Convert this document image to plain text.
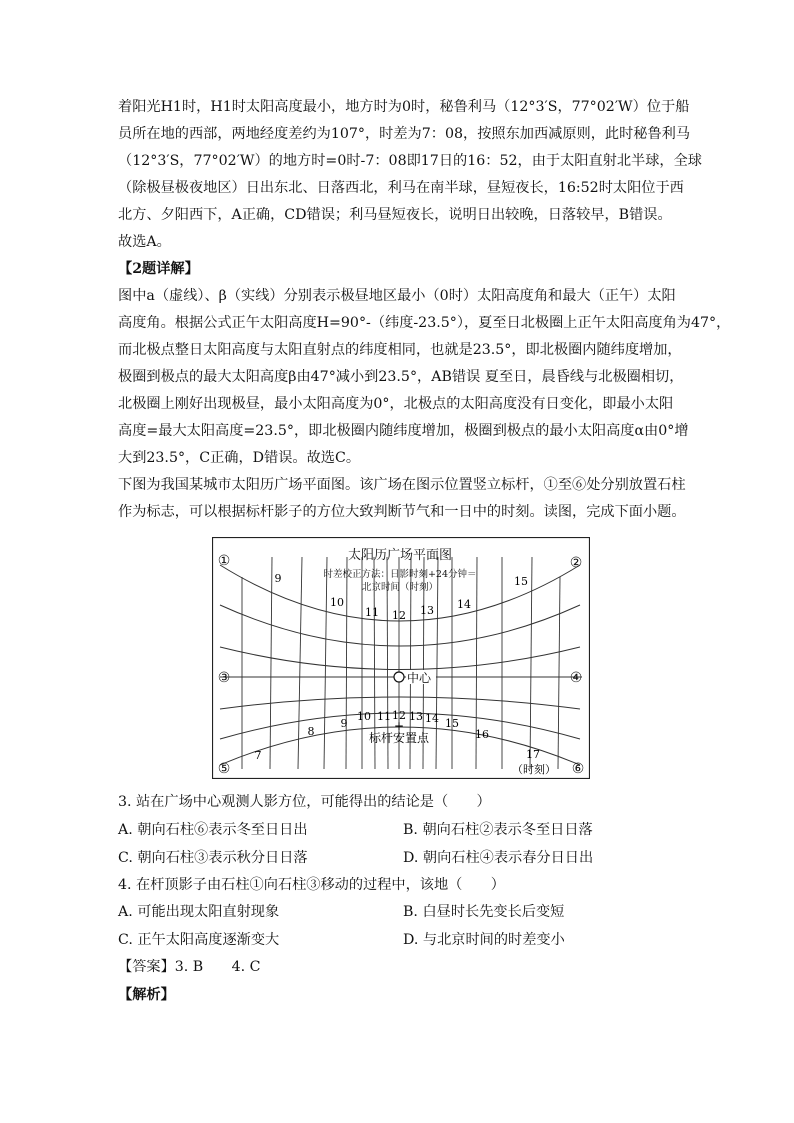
着阳光H1时，H1时太阳高度最小，地方时为0时，秘鲁利马（12°3′S，77°02′W）位于船
员所在地的西部，两地经度差约为107°，时差为7：08，按照东加西减原则，此时秘鲁利马
（12°3′S，77°02′W）的地方时=0时-7：08即17日的16：52，由于太阳直射北半球，全球
（除极昼极夜地区）日出东北、日落西北，利马在南半球，昼短夜长，16:52时太阳位于西
北方、夕阳西下，A正确，CD错误；利马昼短夜长，说明日出较晚，日落较早，B错误。
故选A。
【2题详解】
图中a（虚线）、β（实线）分别表示极昼地区最小（0时）太阳高度角和最大（正午）太阳
高度角。根据公式正午太阳高度H=90°-（纬度-23.5°），夏至日北极圈上正午太阳高度角为47°，
而北极点整日太阳高度与太阳直射点的纬度相同，也就是23.5°，即北极圈内随纬度增加，
极圈到极点的最大太阳高度β由47°减小到23.5°，AB错误 夏至日，晨昏线与北极圈相切，
北极圈上刚好出现极昼，最小太阳高度为0°，北极点的太阳高度没有日变化，即最小太阳
高度=最大太阳高度=23.5°，即北极圈内随纬度增加，极圈到极点的最小太阳高度α由0°增
大到23.5°，C正确，D错误。故选C。
下图为我国某城市太阳历广场平面图。该广场在图示位置竖立标杆，①至⑥处分别放置石柱
作为标志，可以根据标杆影子的方位大致判断节气和一日中的时刻。读图，完成下面小题。
太阳历广场平面图
时差校正方法：日影时刻+24分钟＝
北京时间（时刻）
①	②
③	④
⑤	⑥
9
10
11 12 13 14
15
中心
7
8
9
10 11 12 13 14 15
16
17
+
标杆安置点
（时刻）
3. 站在广场中心观测人影方位，可能得出的结论是（　　）
A. 朝向石柱⑥表示冬至日日出	B. 朝向石柱②表示冬至日日落
C. 朝向石柱③表示秋分日日落	D. 朝向石柱④表示春分日日出
4. 在杆顶影子由石柱①向石柱③移动的过程中，该地（　　）
A. 可能出现太阳直射现象	B. 白昼时长先变长后变短
C. 正午太阳高度逐渐变大	D. 与北京时间的时差变小
【答案】3. B　　4. C
【解析】
